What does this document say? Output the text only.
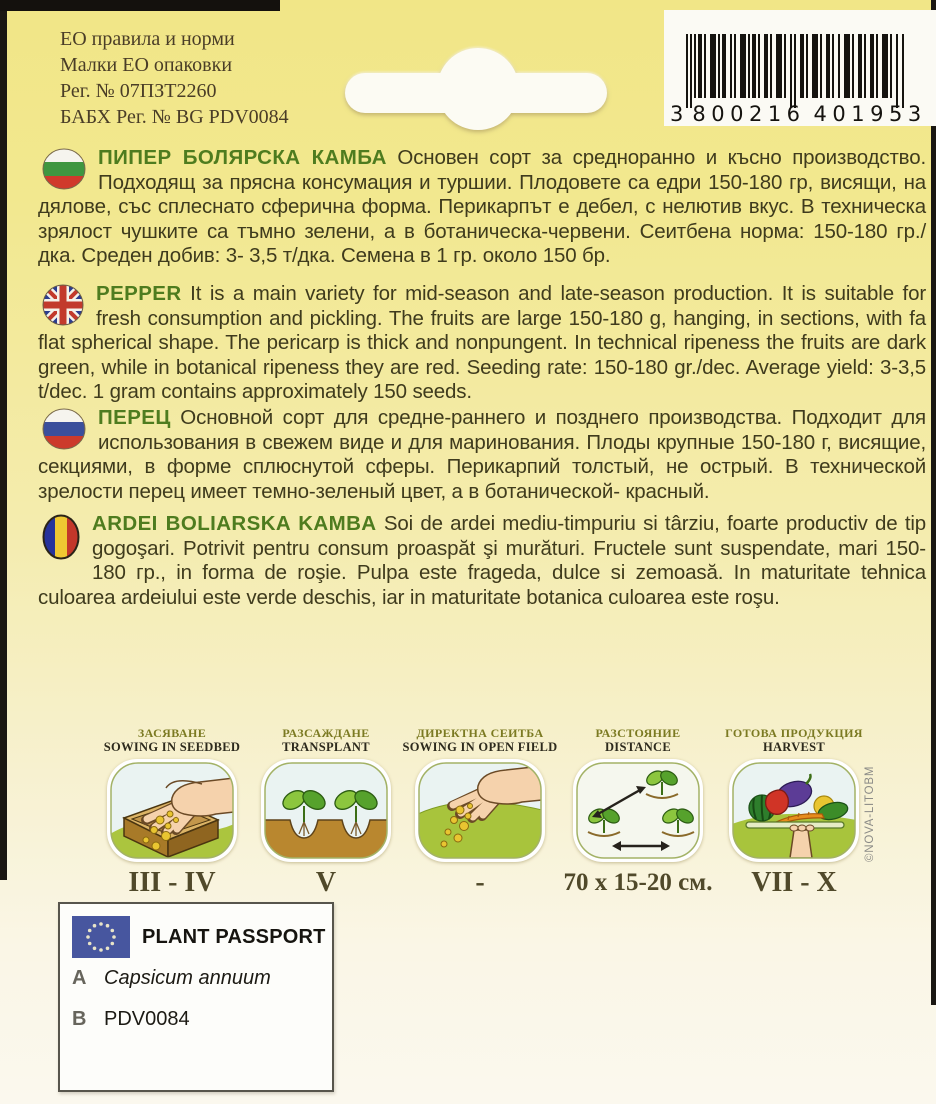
ЕО правила и норми
Малки ЕО опаковки
Рег. № 07ПЗТ2260
БАБХ Рег. № BG PDV0084	3 800216 401953
ПИПЕР БОЛЯРСКА КАМБА Основен сорт за средноранно и късно производство. Подходящ за прясна консумация и туршии. Плодовете са едри 150-180 гр, висящи, на дялове, със сплеснато сферична форма. Перикарпът е дебел, с нелютив вкус. В техническа зрялост чушките са тъмно зелени, а в ботаническа-червени. Сеитбена норма: 150-180 гр./дка. Среден добив: 3- 3,5 т/дка. Семена в 1 гр. около 150 бр.
PEPPER It is a main variety for mid-season and late-season production. It is suitable for fresh consumption and pickling. The fruits are large 150-180 g, hanging, in sections, with fa flat spherical shape. The pericarp is thick and nonpungent. In technical ripeness the fruits are dark green, while in botanical ripeness they are red. Seeding rate: 150-180 gr./dec. Average yield: 3-3,5 t/dec. 1 gram contains approximately 150 seeds.
ПЕРЕЦ Основной сорт для средне-раннего и позднего производства. Подходит для использования в свежем виде и для маринования. Плоды крупные 150-180 г, висящие, секциями, в форме сплюснутой сферы. Перикарпий толстый, не острый. В технической зрелости перец имеет темно-зеленый цвет, а в ботанической- красный.
ARDEI BOLIARSKA KAMBA Soi de ardei mediu-timpuriu si târziu, foarte productiv de tip gogoşari. Potrivit pentru consum proaspăt şi murături. Fructele sunt suspendate, mari 150- 180 гр., in forma de roşie. Pulpa este frageda, dulce si zemoasă. In maturitate tehnica culoarea ardeiului este verde deschis, iar in maturitate botanica culoarea este roşu.
ЗАСЯВАНЕ
SOWING IN SEEDBED
III - IV
РАЗСАЖДАНЕ
TRANSPLANT
V
ДИРЕКТНА СЕИТБА
SOWING IN OPEN FIELD
-
РАЗСТОЯНИЕ
DISTANCE
70 x 15-20 см.
ГОТОВА ПРОДУКЦИЯ
HARVEST
VII - X
©NOVA-LITOBM
PLANT PASSPORT
A Capsicum annuum
B PDV0084
